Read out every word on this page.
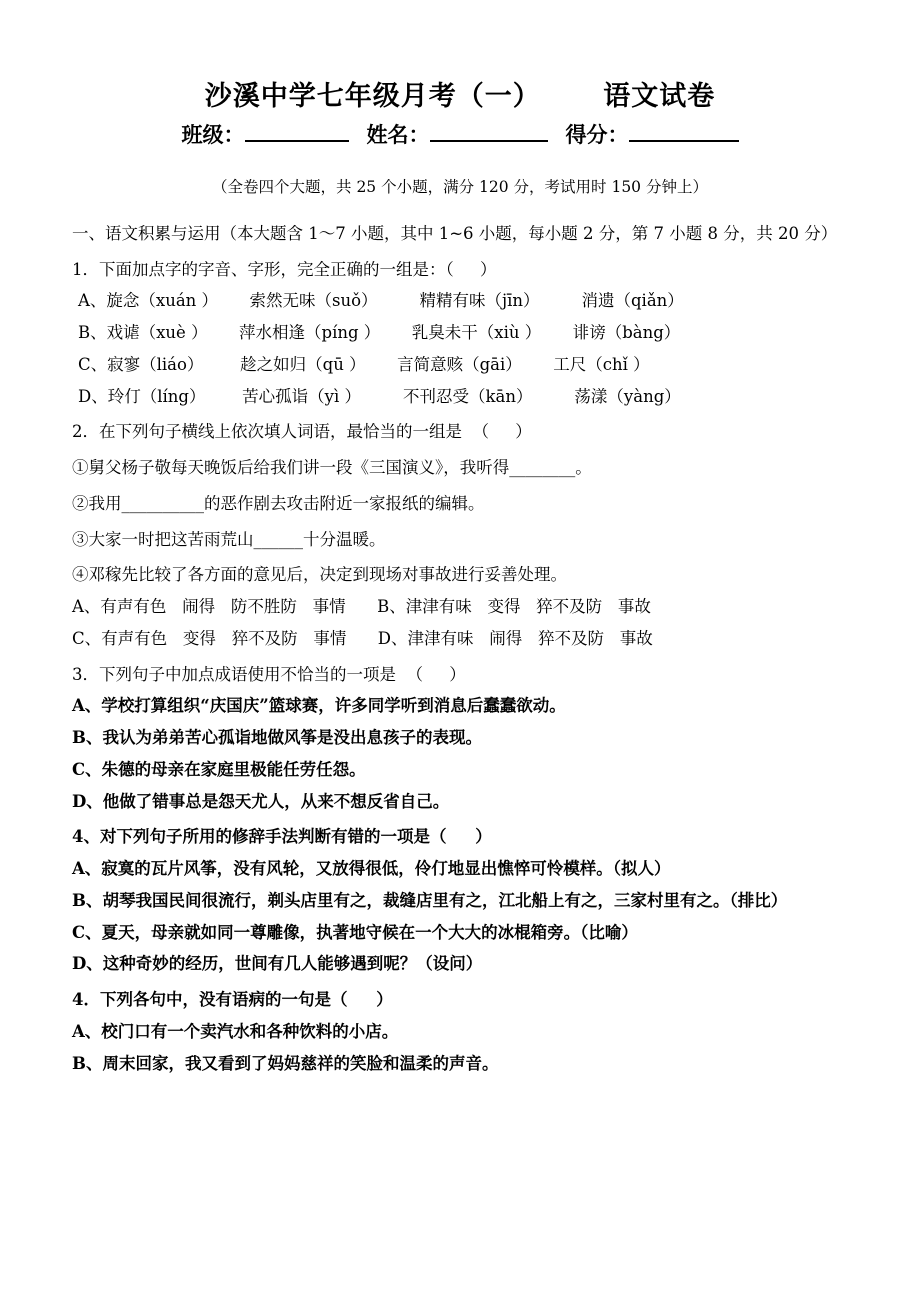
沙溪中学七年级月考（一）      语文试卷
班级：	姓名：	得分：
（全卷四个大题，共 25 个小题，满分 120 分，考试用时 150 分钟上）
一、语文积累与运用（本大题含 1～7 小题，其中 1~6 小题，每小题 2 分，第 7 小题 8 分，共 20 分）
1．下面加点字的字音、字形，完全正确的一组是：（     ）
A、旋念（xuán ）      索然无味（suǒ）        精精有味（jīn）        消遗（qiǎn）
B、戏谑（xuè ）      萍水相逢（píng ）      乳臭未干（xiù ）      诽谤（bàng）
C、寂寥（liáo）       趁之如归（qū ）      言简意赅（gāi）      工尺（chǐ ）
D、玲仃（líng）       苦心孤诣（yì ）        不刊忍受（kān）        荡漾（yàng）
2．在下列句子横线上依次填人词语，最恰当的一组是  （     ）
①舅父杨子敬每天晚饭后给我们讲一段《三国演义》，我听得________。
②我用__________的恶作剧去攻击附近一家报纸的编辑。
③大家一时把这苦雨荒山______十分温暖。
④邓稼先比较了各方面的意见后，决定到现场对事故进行妥善处理。
A、有声有色   闹得   防不胜防   事情      B、津津有味   变得   猝不及防   事故
C、有声有色   变得   猝不及防   事情      D、津津有味   闹得   猝不及防   事故
3．下列句子中加点成语使用不恰当的一项是  （     ）
A、学校打算组织“庆国庆”篮球赛，许多同学听到消息后蠢蠢欲动。
B、我认为弟弟苦心孤诣地做风筝是没出息孩子的表现。
C、朱德的母亲在家庭里极能任劳任怨。
D、他做了错事总是怨天尤人，从来不想反省自己。
4、对下列句子所用的修辞手法判断有错的一项是（     ）
A、寂寞的瓦片风筝，没有风轮，又放得很低，伶仃地显出憔悴可怜模样。（拟人）
B、胡琴我国民间很流行，剃头店里有之，裁缝店里有之，江北船上有之，三家村里有之。（排比）
C、夏天，母亲就如同一尊雕像，执著地守候在一个大大的冰棍箱旁。（比喻）
D、这种奇妙的经历，世间有几人能够遇到呢？（设问）
4．下列各句中，没有语病的一句是（     ）
A、校门口有一个卖汽水和各种饮料的小店。
B、周末回家，我又看到了妈妈慈祥的笑脸和温柔的声音。
